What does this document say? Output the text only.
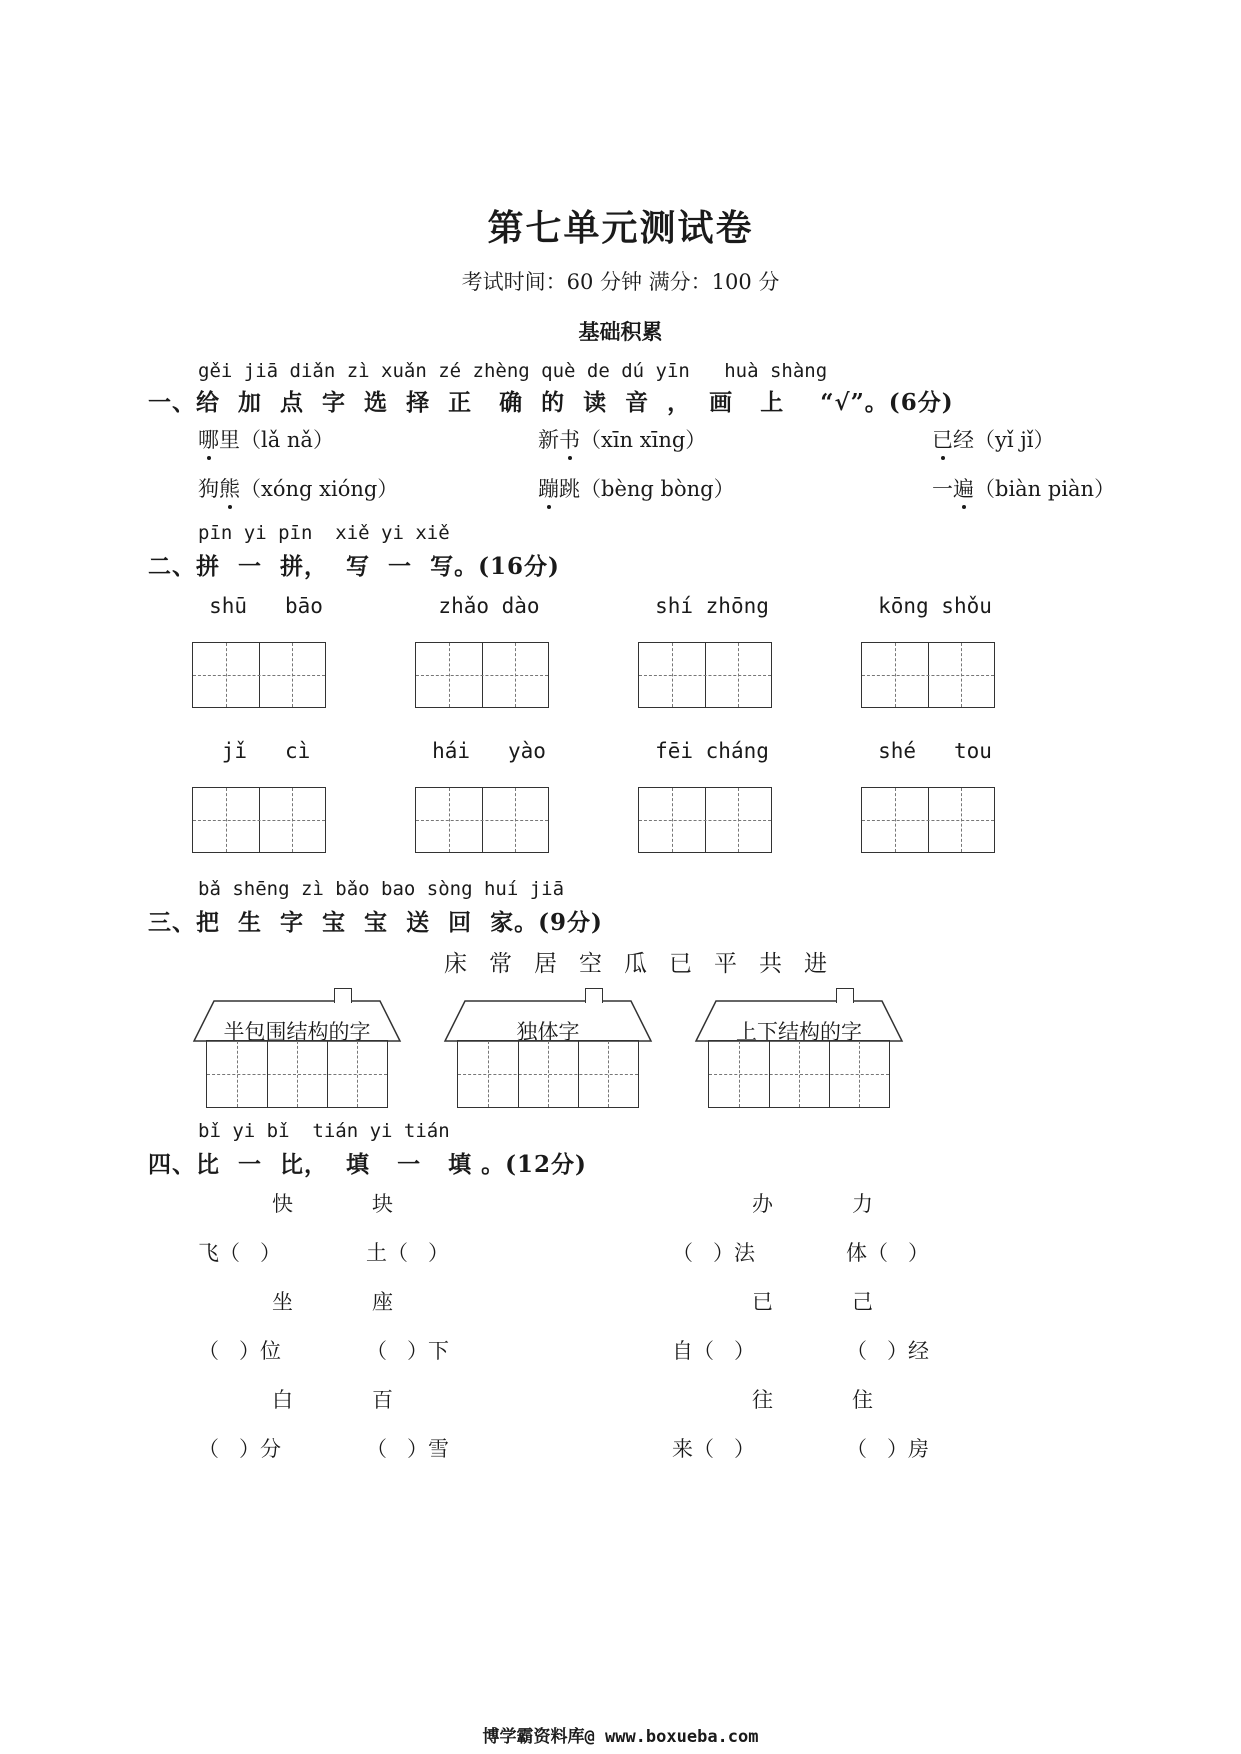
第七单元测试卷
考试时间：60 分钟 满分：100 分
基础积累
gěi jiā diǎn zì xuǎn zé zhèng què de dú yīn   huà shàng
一、给  加  点  字  选  择  正   确  的  读  音  ，  画   上    “√”。(6分)
哪里（lǎ nǎ）	新书（xīn xīng）	已经（yǐ jǐ）
狗熊（xóng xióng）	蹦跳（bèng bòng）	一遍（biàn piàn）
pīn yi pīn  xiě yi xiě
二、拼  一  拼，  写  一  写。(16分)
shū   bāo	zhǎo dào	shí zhōng	kōng shǒu
jǐ   cì	hái   yào	fēi cháng	shé   tou
bǎ shēng zì bǎo bao sòng huí jiā
三、把  生  字  宝  宝  送  回  家。(9分)
床常居空瓜已平共进
半包围结构的字	独体字	上下结构的字
bǐ yi bǐ  tián yi tián
四、比  一  比，  填   一   填 。(12分)
快	块
飞（   ）	土（   ）
坐	座
（   ）位	（   ）下
白	百
（   ）分	（   ）雪
办	力
（   ）法	体（   ）
已	己
自（   ）	（   ）经
往	住
来（   ）	（   ）房
博学霸资料库@ www.boxueba.com
